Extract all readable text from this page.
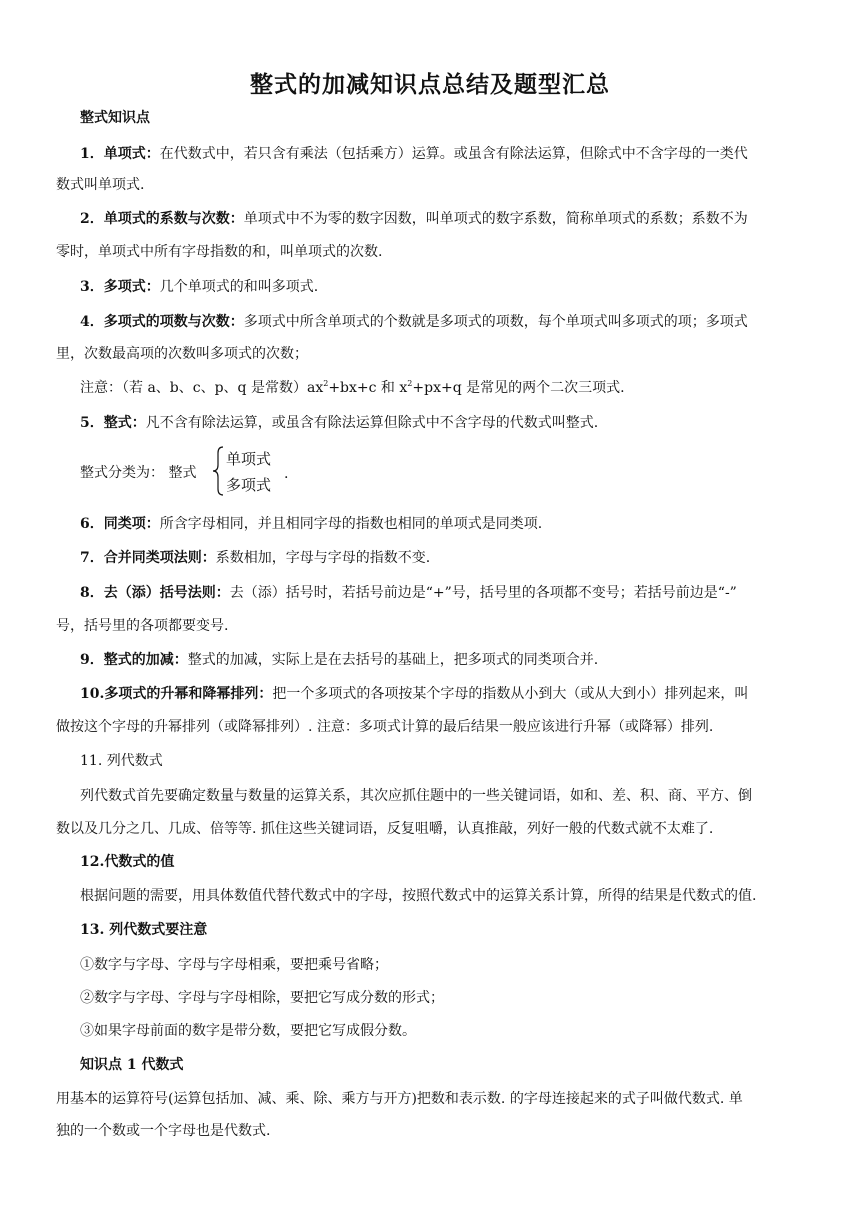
整式的加减知识点总结及题型汇总
整式知识点
1．单项式：在代数式中，若只含有乘法（包括乘方）运算。或虽含有除法运算，但除式中不含字母的一类代
数式叫单项式.
2．单项式的系数与次数：单项式中不为零的数字因数，叫单项式的数字系数，简称单项式的系数；系数不为
零时，单项式中所有字母指数的和，叫单项式的次数.
3．多项式：几个单项式的和叫多项式.
4．多项式的项数与次数：多项式中所含单项式的个数就是多项式的项数，每个单项式叫多项式的项；多项式
里，次数最高项的次数叫多项式的次数；
注意：（若 a、b、c、p、q 是常数）$ax^2+bx+c$ 和 $x^2+px+q$ 是常见的两个二次三项式.
5．整式：凡不含有除法运算，或虽含有除法运算但除式中不含字母的代数式叫整式.
整式分类为： 整式
单项式
多项式
.
6．同类项：所含字母相同，并且相同字母的指数也相同的单项式是同类项.
7．合并同类项法则：系数相加，字母与字母的指数不变.
8．去（添）括号法则：去（添）括号时，若括号前边是“+”号，括号里的各项都不变号；若括号前边是“-”
号，括号里的各项都要变号.
9．整式的加减：整式的加减，实际上是在去括号的基础上，把多项式的同类项合并.
10.多项式的升幂和降幂排列：把一个多项式的各项按某个字母的指数从小到大（或从大到小）排列起来，叫
做按这个字母的升幂排列（或降幂排列）. 注意：多项式计算的最后结果一般应该进行升幂（或降幂）排列.
11. 列代数式
列代数式首先要确定数量与数量的运算关系，其次应抓住题中的一些关键词语，如和、差、积、商、平方、倒
数以及几分之几、几成、倍等等. 抓住这些关键词语，反复咀嚼，认真推敲，列好一般的代数式就不太难了.
12.代数式的值
根据问题的需要，用具体数值代替代数式中的字母，按照代数式中的运算关系计算，所得的结果是代数式的值.
13. 列代数式要注意
①数字与字母、字母与字母相乘，要把乘号省略；
②数字与字母、字母与字母相除，要把它写成分数的形式；
③如果字母前面的数字是带分数，要把它写成假分数。
知识点 1 代数式
用基本的运算符号(运算包括加、减、乘、除、乘方与开方)把数和表示数. 的字母连接起来的式子叫做代数式. 单
独的一个数或一个字母也是代数式.
